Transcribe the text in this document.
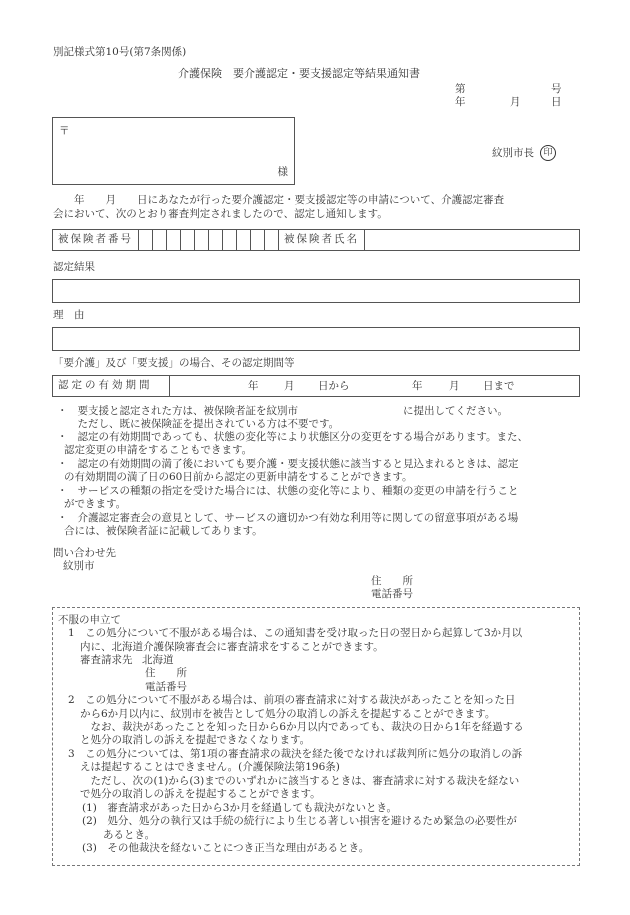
別記様式第10号(第7条関係)
介護保険　要介護認定・要支援認定等結果通知書
第	号
年	月	日
〒
様
紋別市長 印
　　年　　月　　日にあなたが行った要介護認定・要支援認定等の申請について、介護認定審査
会において、次のとおり審査判定されましたので、認定し通知します。
被保険者番号	被保険者氏名
認定結果
理　由
「要介護」及び「要支援」の場合、その認定期間等
認定の有効期間	年 月 日から	年	月 日まで
・ 　要支援と認定された方は、被保険者証を紋別市　　　　　　　　　　に提出してください。
　ただし、既に被保険証を提出されている方は不要です。
・ 　認定の有効期間であっても、状態の変化等により状態区分の変更をする場合があります。また、
認定変更の申請をすることもできます。
・ 　認定の有効期間の満了後においても要介護・要支援状態に該当すると見込まれるときは、認定
の有効期間の満了日の60日前から認定の更新申請をすることができます。
・ 　サービスの種類の指定を受けた場合には、状態の変化等により、種類の変更の申請を行うこと
ができます。
・ 　介護認定審査会の意見として、サービスの適切かつ有効な利用等に関しての留意事項がある場
合には、被保険者証に記載してあります。
問い合わせ先
紋別市
住　　所
電話番号
不服の申立て
1　この処分について不服がある場合は、この通知書を受け取った日の翌日から起算して3か月以
内に、北海道介護保険審査会に審査請求をすることができます。
審査請求先 北海道
住　　所
電話番号
2　この処分について不服がある場合は、前項の審査請求に対する裁決があったことを知った日
から6か月以内に、紋別市を被告として処分の取消しの訴えを提起することができます。
　なお、裁決があったことを知った日から6か月以内であっても、裁決の日から1年を経過する
と処分の取消しの訴えを提起できなくなります。
3　この処分については、第1項の審査請求の裁決を経た後でなければ裁判所に処分の取消しの訴
えは提起することはできません。(介護保険法第196条)
　ただし、次の(1)から(3)までのいずれかに該当するときは、審査請求に対する裁決を経ない
で処分の取消しの訴えを提起することができます。
(1)　審査請求があった日から3か月を経過しても裁決がないとき。
(2)　処分、処分の執行又は手続の続行により生じる著しい損害を避けるため緊急の必要性が
あるとき。
(3)　その他裁決を経ないことにつき正当な理由があるとき。
